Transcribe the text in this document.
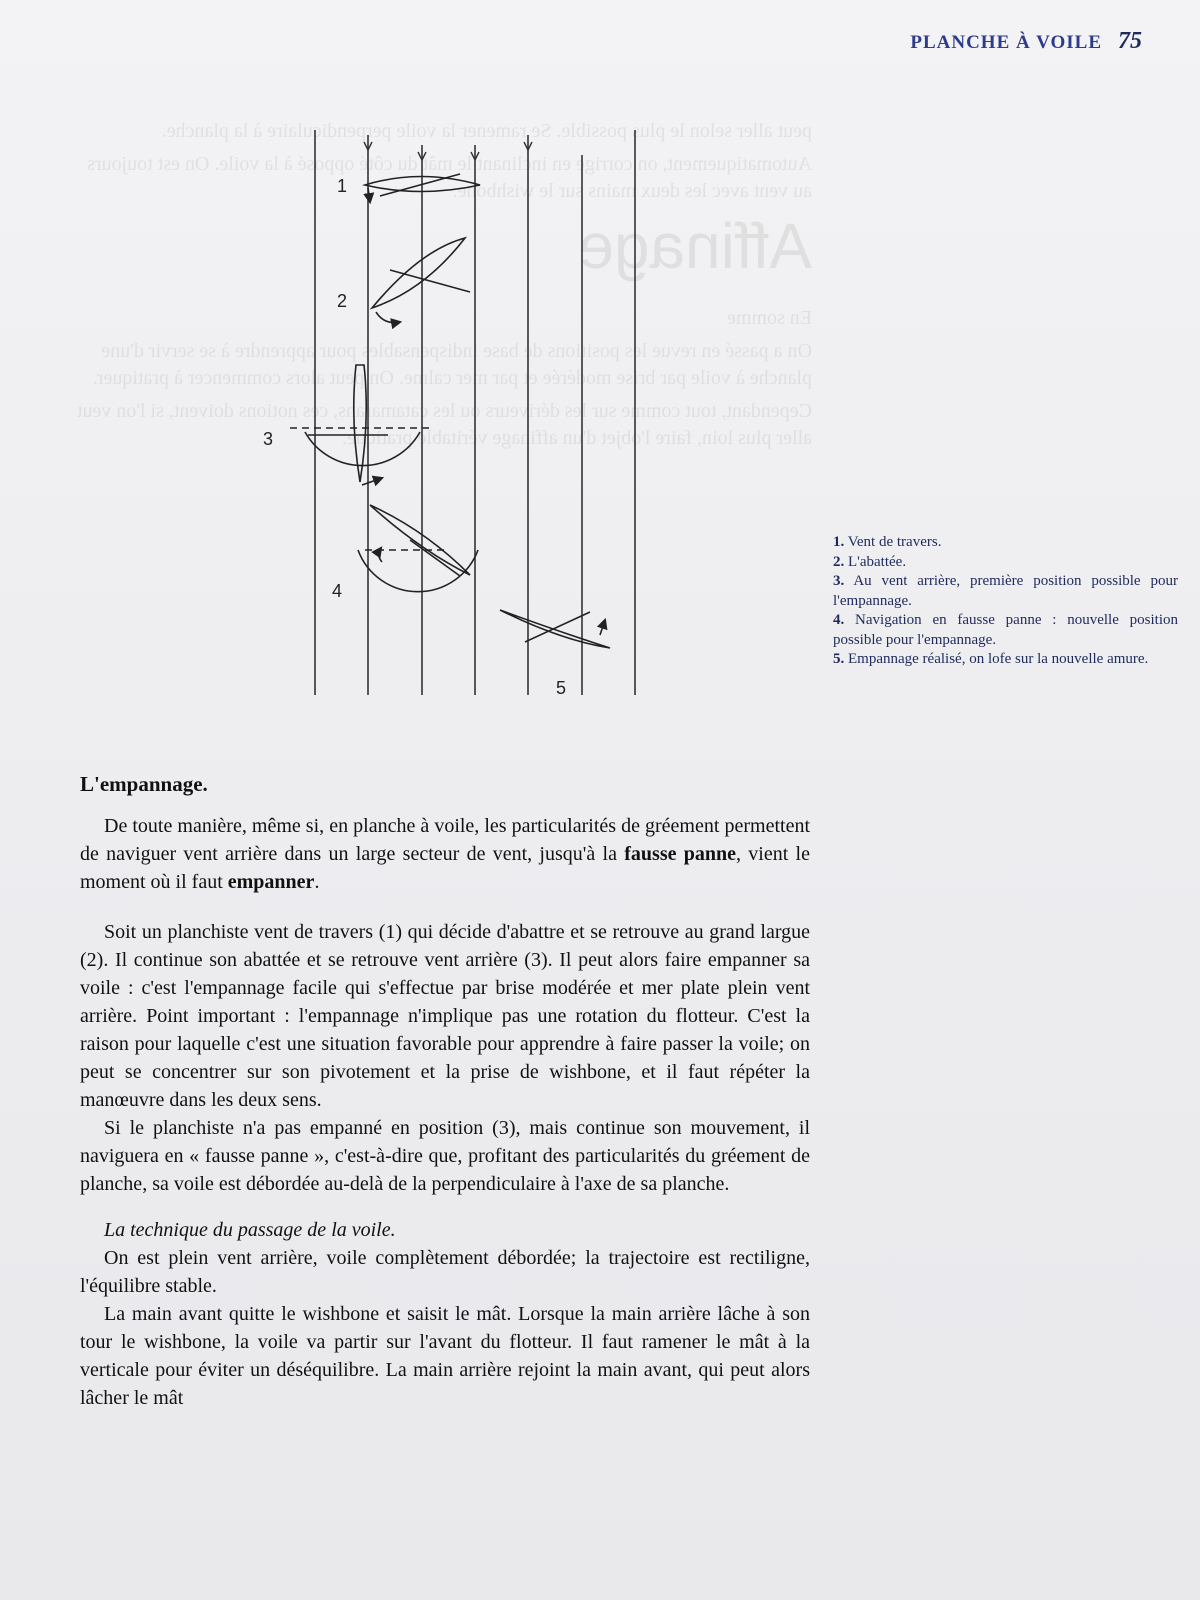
peut aller selon le plus possible. Se ramener la voile perpendiculaire à la planche.

Automatiquement, on corrige en inclinant le mât du côté opposé à la voile. On est toujours au vent avec les deux mains sur le wishbone.

Affinage

En somme

On a passé en revue les positions de base indispensables pour apprendre à se servir d'une planche à voile par brise modérée et par mer calme. On peut alors commencer à pratiquer.

Cependant, tout comme sur les dériveurs ou les catamarans, ces notions doivent, si l'on veut aller plus loin, faire l'objet d'un affinage véritable pratique.

PLANCHE À VOILE 75
1
2
3
4
5

1. Vent de travers.

2. L'abattée.

3. Au vent arrière, première position possible pour l'empannage.

4. Navigation en fausse panne : nouvelle position possible pour l'empannage.

5. Empannage réalisé, on lofe sur la nouvelle amure.

L'empannage.

De toute manière, même si, en planche à voile, les particularités de gréement permettent de naviguer vent arrière dans un large secteur de vent, jusqu'à la fausse panne, vient le moment où il faut empanner.

Soit un planchiste vent de travers (1) qui décide d'abattre et se retrouve au grand largue (2). Il continue son abattée et se retrouve vent arrière (3). Il peut alors faire empanner sa voile : c'est l'empannage facile qui s'effectue par brise modérée et mer plate plein vent arrière. Point important : l'empannage n'implique pas une rotation du flotteur. C'est la raison pour laquelle c'est une situation favorable pour apprendre à faire passer la voile; on peut se concentrer sur son pivotement et la prise de wishbone, et il faut répéter la manœuvre dans les deux sens.

Si le planchiste n'a pas empanné en position (3), mais continue son mouvement, il naviguera en « fausse panne », c'est-à-dire que, profitant des particularités du gréement de planche, sa voile est débordée au-delà de la perpendiculaire à l'axe de sa planche.

La technique du passage de la voile.

On est plein vent arrière, voile complètement débordée; la trajectoire est rectiligne, l'équilibre stable.

La main avant quitte le wishbone et saisit le mât. Lorsque la main arrière lâche à son tour le wishbone, la voile va partir sur l'avant du flotteur. Il faut ramener le mât à la verticale pour éviter un déséquilibre. La main arrière rejoint la main avant, qui peut alors lâcher le mât
